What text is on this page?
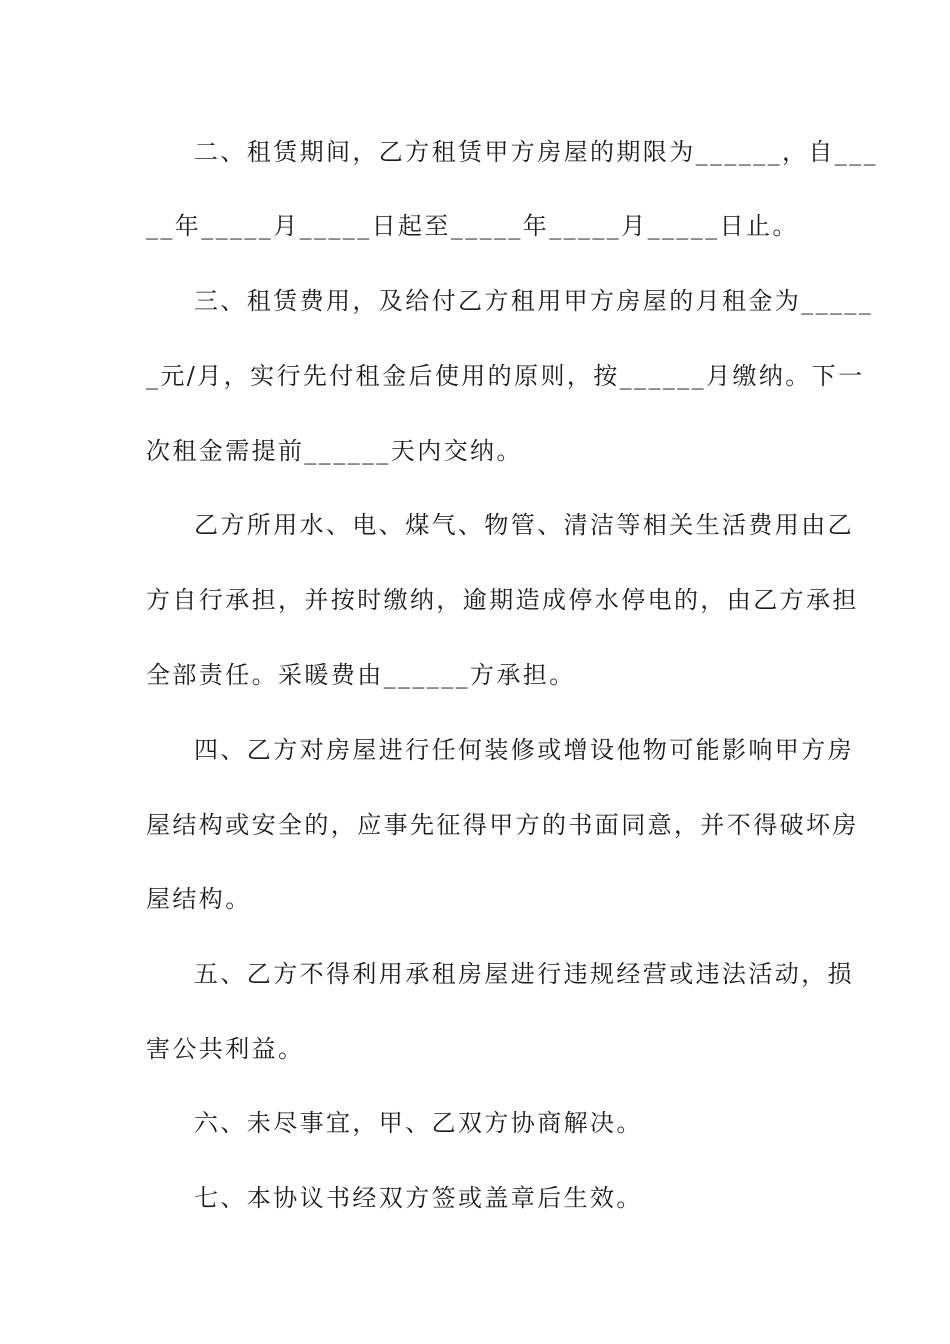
二、租赁期间，乙方租赁甲方房屋的期限为______，自___
__年_____月_____日起至_____年_____月_____日止。
三、租赁费用，及给付乙方租用甲方房屋的月租金为_____
_元/月，实行先付租金后使用的原则，按______月缴纳。下一
次租金需提前______天内交纳。
乙方所用水、电、煤气、物管、清洁等相关生活费用由乙
方自行承担，并按时缴纳，逾期造成停水停电的，由乙方承担
全部责任。采暖费由______方承担。
四、乙方对房屋进行任何装修或增设他物可能影响甲方房
屋结构或安全的，应事先征得甲方的书面同意，并不得破坏房
屋结构。
五、乙方不得利用承租房屋进行违规经营或违法活动，损
害公共利益。
六、未尽事宜，甲、乙双方协商解决。
七、本协议书经双方签或盖章后生效。
